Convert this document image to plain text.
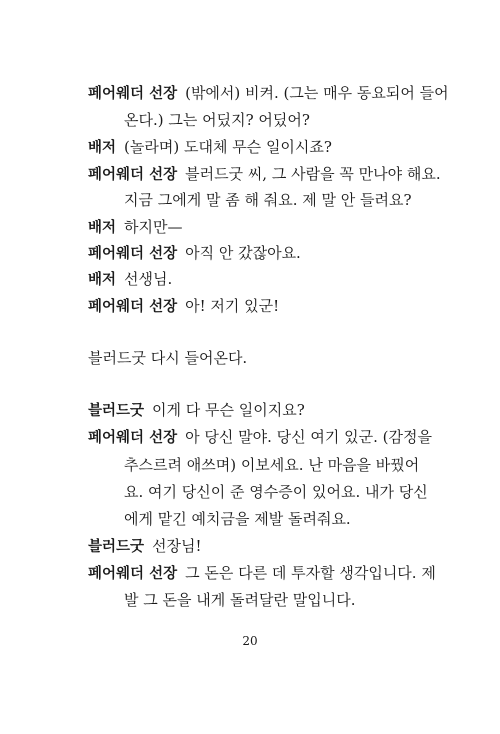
페어웨더 선장 (밖에서) 비켜. (그는 매우 동요되어 들어
온다.) 그는 어딨지? 어딨어?
배저 (놀라며) 도대체 무슨 일이시죠?
페어웨더 선장 블러드굿 씨, 그 사람을 꼭 만나야 해요.
지금 그에게 말 좀 해 줘요. 제 말 안 들려요?
배저 하지만—
페어웨더 선장 아직 안 갔잖아요.
배저 선생님.
페어웨더 선장 아! 저기 있군!
블러드굿 다시 들어온다.
블러드굿 이게 다 무슨 일이지요?
페어웨더 선장 아 당신 말야. 당신 여기 있군. (감정을
추스르려 애쓰며) 이보세요. 난 마음을 바꿨어
요. 여기 당신이 준 영수증이 있어요. 내가 당신
에게 맡긴 예치금을 제발 돌려줘요.
블러드굿 선장님!
페어웨더 선장 그 돈은 다른 데 투자할 생각입니다. 제
발 그 돈을 내게 돌려달란 말입니다.
20
